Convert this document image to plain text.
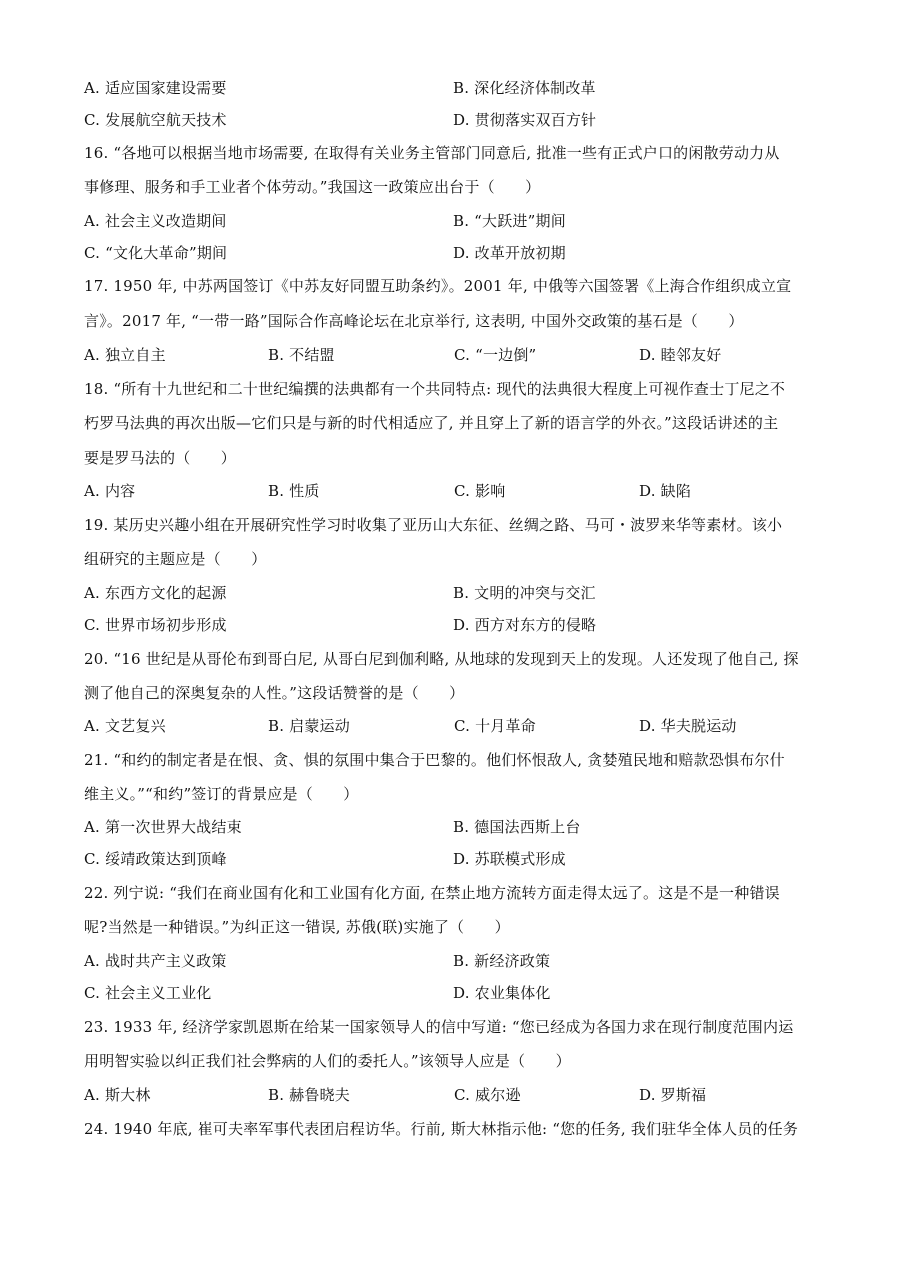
A. 适应国家建设需要	B. 深化经济体制改革
C. 发展航空航天技术	D. 贯彻落实双百方针
16. “各地可以根据当地市场需要, 在取得有关业务主管部门同意后, 批准一些有正式户口的闲散劳动力从
事修理、服务和手工业者个体劳动。”我国这一政策应出台于（　　）
A. 社会主义改造期间	B. “大跃进”期间
C. “文化大革命”期间	D. 改革开放初期
17. 1950 年, 中苏两国签订《中苏友好同盟互助条约》。2001 年, 中俄等六国签署《上海合作组织成立宣
言》。2017 年, “一带一路”国际合作高峰论坛在北京举行, 这表明, 中国外交政策的基石是（　　）
A. 独立自主	B. 不结盟	C. “一边倒”	D. 睦邻友好
18. “所有十九世纪和二十世纪编撰的法典都有一个共同特点: 现代的法典很大程度上可视作查士丁尼之不
朽罗马法典的再次出版—它们只是与新的时代相适应了, 并且穿上了新的语言学的外衣。”这段话讲述的主
要是罗马法的（　　）
A. 内容	B. 性质	C. 影响	D. 缺陷
19. 某历史兴趣小组在开展研究性学习时收集了亚历山大东征、丝绸之路、马可・波罗来华等素材。该小
组研究的主题应是（　　）
A. 东西方文化的起源	B. 文明的冲突与交汇
C. 世界市场初步形成	D. 西方对东方的侵略
20. “16 世纪是从哥伦布到哥白尼, 从哥白尼到伽利略, 从地球的发现到天上的发现。人还发现了他自己, 探
测了他自己的深奥复杂的人性。”这段话赞誉的是（　　）
A. 文艺复兴	B. 启蒙运动	C. 十月革命	D. 华夫脱运动
21. “和约的制定者是在恨、贪、惧的氛围中集合于巴黎的。他们怀恨敌人, 贪婪殖民地和赔款恐惧布尔什
维主义。”“和约”签订的背景应是（　　）
A. 第一次世界大战结束	B. 德国法西斯上台
C. 绥靖政策达到顶峰	D. 苏联模式形成
22. 列宁说: “我们在商业国有化和工业国有化方面, 在禁止地方流转方面走得太远了。这是不是一种错误
呢?当然是一种错误。”为纠正这一错误, 苏俄(联)实施了（　　）
A. 战时共产主义政策	B. 新经济政策
C. 社会主义工业化	D. 农业集体化
23. 1933 年, 经济学家凯恩斯在给某一国家领导人的信中写道: “您已经成为各国力求在现行制度范围内运
用明智实验以纠正我们社会弊病的人们的委托人。”该领导人应是（　　）
A. 斯大林	B. 赫鲁晓夫	C. 威尔逊	D. 罗斯福
24. 1940 年底, 崔可夫率军事代表团启程访华。行前, 斯大林指示他: “您的任务, 我们驻华全体人员的任务
